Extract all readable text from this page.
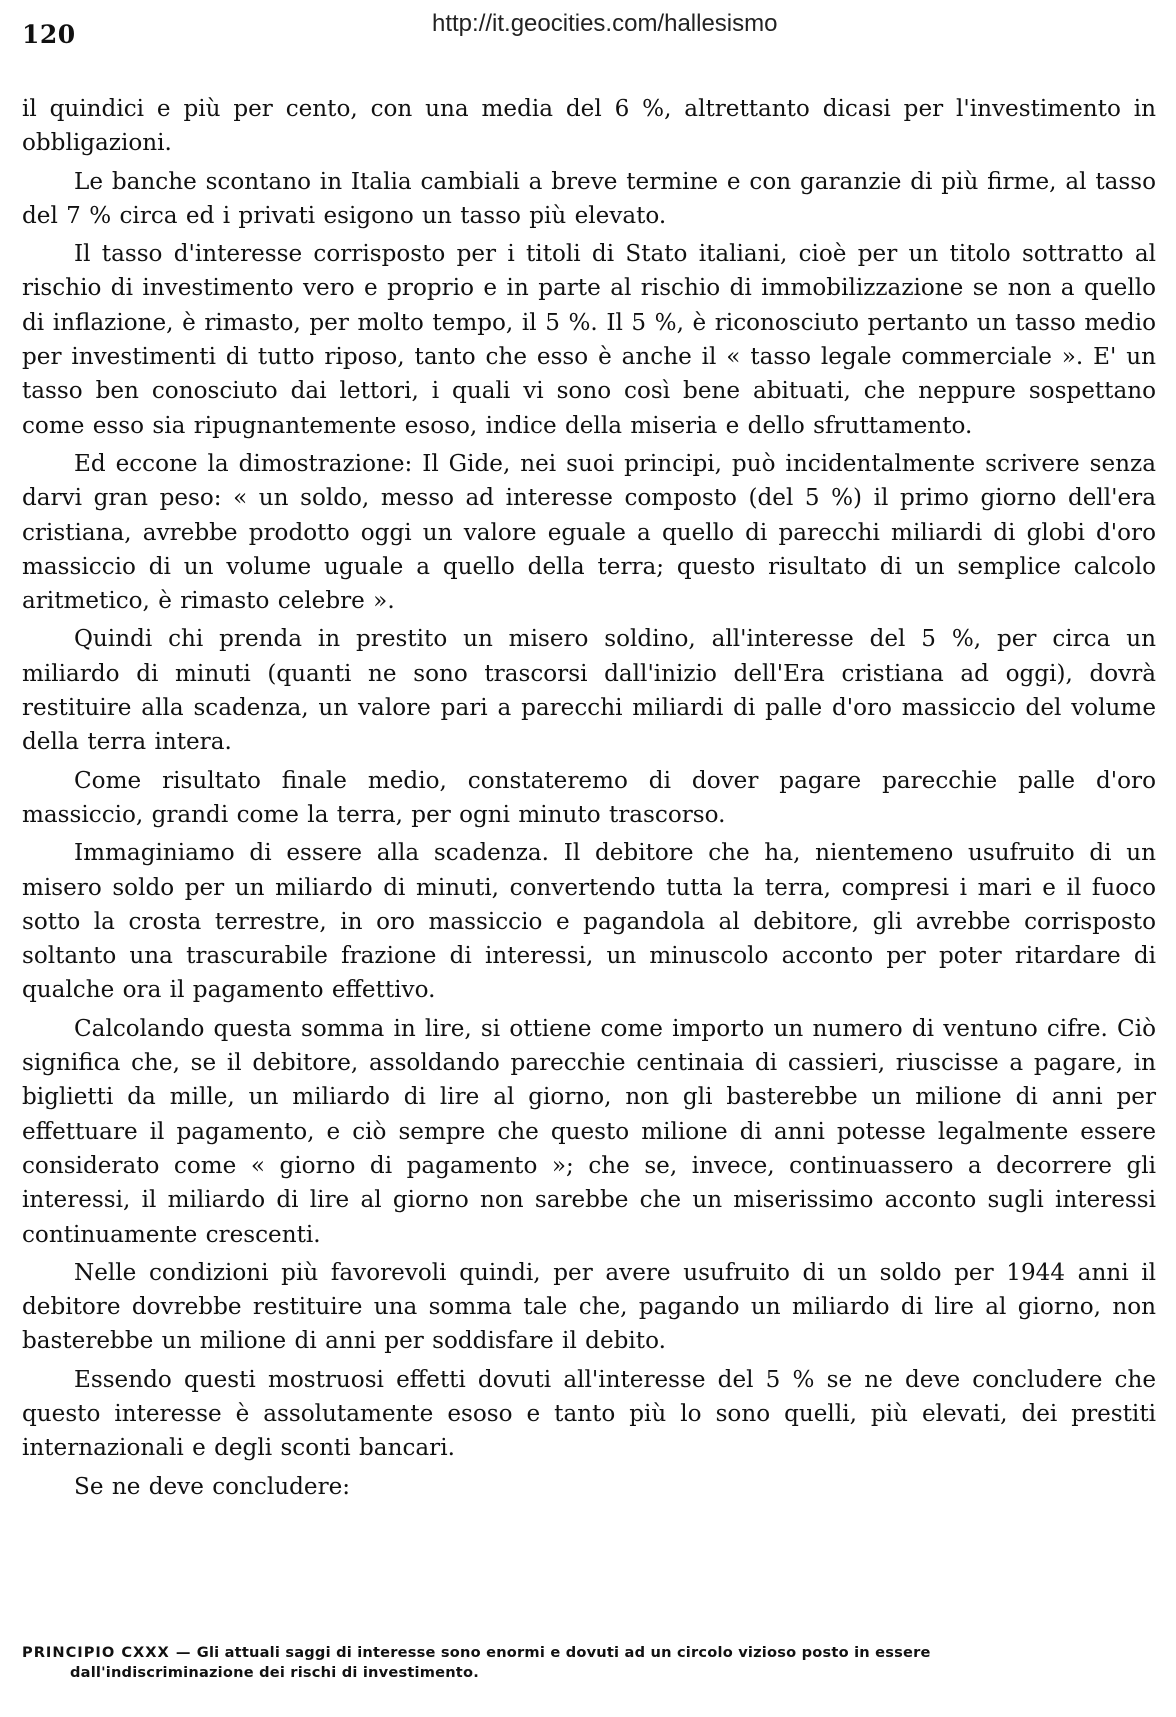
120	http://it.geocities.com/hallesismo

il quindici e più per cento, con una media del 6 %, altrettanto dicasi per l'investimento in obbligazioni.

Le banche scontano in Italia cambiali a breve termine e con garanzie di più firme, al tasso del 7 % circa ed i privati esigono un tasso più elevato.

Il tasso d'interesse corrisposto per i titoli di Stato italiani, cioè per un titolo sottratto al rischio di investimento vero e proprio e in parte al rischio di immobilizzazione se non a quello di inflazione, è rimasto, per molto tempo, il 5 %. Il 5 %, è riconosciuto pertanto un tasso medio per investimenti di tutto riposo, tanto che esso è anche il « tasso legale commerciale ». E' un tasso ben conosciuto dai lettori, i quali vi sono così bene abituati, che neppure sospettano come esso sia ripugnantemente esoso, indice della miseria e dello sfruttamento.

Ed eccone la dimostrazione: Il Gide, nei suoi principi, può incidentalmente scrivere senza darvi gran peso: « un soldo, messo ad interesse composto (del 5 %) il primo giorno dell'era cristiana, avrebbe prodotto oggi un valore eguale a quello di parecchi miliardi di globi d'oro massiccio di un volume uguale a quello della terra; questo risultato di un semplice calcolo aritmetico, è rimasto celebre ».

Quindi chi prenda in prestito un misero soldino, all'interesse del 5 %, per circa un miliardo di minuti (quanti ne sono trascorsi dall'inizio dell'Era cristiana ad oggi), dovrà restituire alla scadenza, un valore pari a parecchi miliardi di palle d'oro massiccio del volume della terra intera.

Come risultato finale medio, constateremo di dover pagare parecchie palle d'oro massiccio, grandi come la terra, per ogni minuto trascorso.

Immaginiamo di essere alla scadenza. Il debitore che ha, nientemeno usufruito di un misero soldo per un miliardo di minuti, convertendo tutta la terra, compresi i mari e il fuoco sotto la crosta terrestre, in oro massiccio e pagandola al debitore, gli avrebbe corrisposto soltanto una trascurabile frazione di interessi, un minuscolo acconto per poter ritardare di qualche ora il pagamento effettivo.

Calcolando questa somma in lire, si ottiene come importo un numero di ventuno cifre. Ciò significa che, se il debitore, assoldando parecchie centinaia di cassieri, riuscisse a pagare, in biglietti da mille, un miliardo di lire al giorno, non gli basterebbe un milione di anni per effettuare il pagamento, e ciò sempre che questo milione di anni potesse legalmente essere considerato come « giorno di pagamento »; che se, invece, continuassero a decorrere gli interessi, il miliardo di lire al giorno non sarebbe che un miserissimo acconto sugli interessi continuamente crescenti.

Nelle condizioni più favorevoli quindi, per avere usufruito di un soldo per 1944 anni il debitore dovrebbe restituire una somma tale che, pagando un miliardo di lire al giorno, non basterebbe un milione di anni per soddisfare il debito.

Essendo questi mostruosi effetti dovuti all'interesse del 5 % se ne deve concludere che questo interesse è assolutamente esoso e tanto più lo sono quelli, più elevati, dei prestiti internazionali e degli sconti bancari.

Se ne deve concludere:

PRINCIPIO CXXX — Gli attuali saggi di interesse sono enormi e dovuti ad un circolo vizioso posto in essere
dall'indiscriminazione dei rischi di investimento.
